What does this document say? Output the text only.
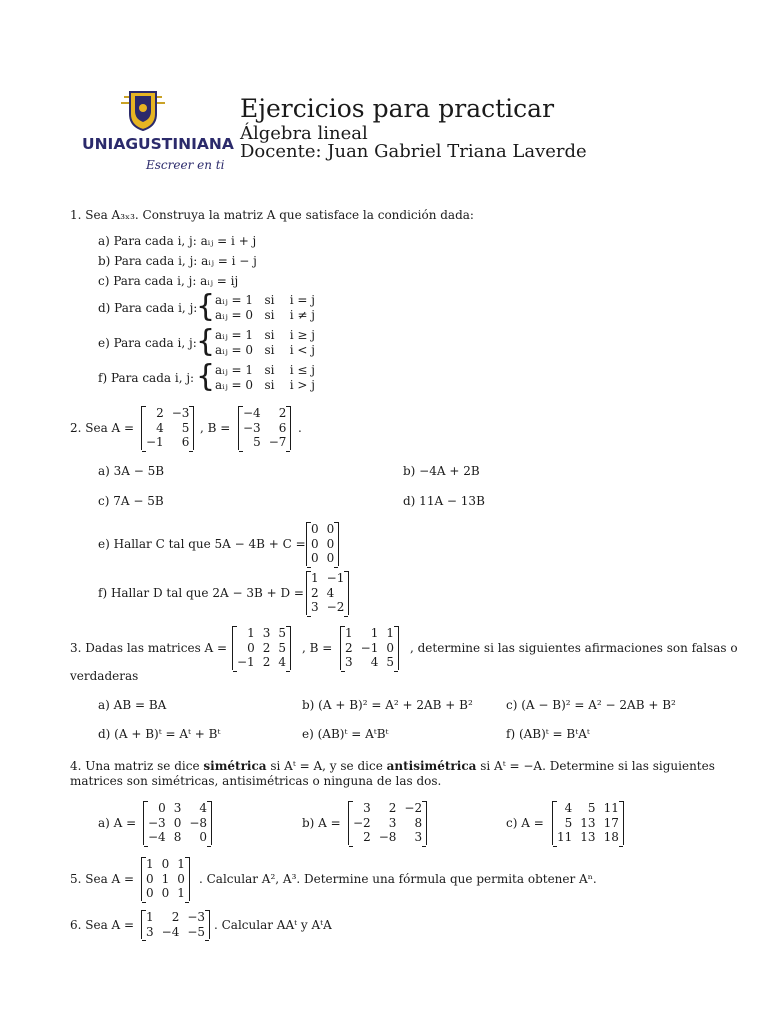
UNIAGUSTINIANA
Escreer en ti
Ejercicios para practicar
Álgebra lineal
Docente: Juan Gabriel Triana Laverde
1. Sea A₃ₓ₃. Construya la matriz A que satisface la condición dada:
a) Para cada i, j: aᵢⱼ = i + j
b) Para cada i, j: aᵢⱼ = i − j
c) Para cada i, j: aᵢⱼ = ij
d) Para cada i, j:
{ aᵢⱼ = 1   si    i = j
aᵢⱼ = 0   si    i ≠ j
e) Para cada i, j: { aᵢⱼ = 1   si    i ≥ j
aᵢⱼ = 0   si    i < j
f) Para cada i, j: { aᵢⱼ = 1   si    i ≤ j
aᵢⱼ = 0   si    i > j
2. Sea A =
2 −3
4	5
−1	6
, B =
−4	2
−3	6
5 −7
.
a) 3A − 5B	b) −4A + 2B
c) 7A − 5B	d) 11A − 13B
e) Hallar C tal que 5A − 4B + C =
0 0
0 0
0 0
f) Hallar D tal que 2A − 3B + D =
1 −1
2 4
3 −2
3. Dadas las matrices A =
1 3 5
0 2 5
−1 2 4
, B =
1	1 1
2 −1 0
3	4 5
, determine si las siguientes afirmaciones son falsas o
verdaderas
a) AB = BA	b) (A + B)² = A² + 2AB + B²	c) (A − B)² = A² − 2AB + B²
d) (A + B)ᵗ = Aᵗ + Bᵗ	e) (AB)ᵗ = AᵗBᵗ	f) (AB)ᵗ = BᵗAᵗ
4. Una matriz se dice simétrica si Aᵗ = A, y se dice antisimétrica si Aᵗ = −A. Determine si las siguientes
matrices son simétricas, antisimétricas o ninguna de las dos.
a) A =
0 3	4
−3 0 −8
−4 8	0
b) A =
3	2 −2
−2	3	8
2 −8	3
c) A =
4	5 11
5 13 17
11 13 18
5. Sea A =
1 0 1
0 1 0
0 0 1
. Calcular A², A³. Determine una fórmula que permita obtener Aⁿ.
6. Sea A =
1	2 −3
3 −4 −5 . Calcular AAᵗ y AᵗA
